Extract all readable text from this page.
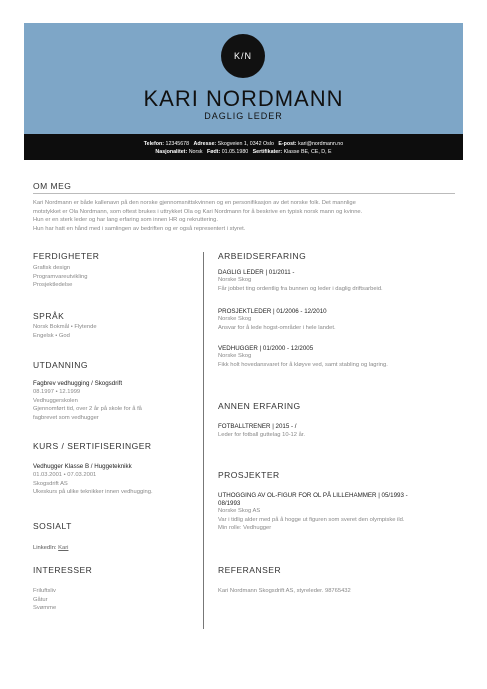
K/N
KARI NORDMANN
DAGLIG LEDER
Telefon: 12345678 Adresse: Skogveien 1, 0342 Oslo E-post: kari@nordmann.no
Nasjonalitet: Norsk Født: 01.05.1980 Sertifikater: Klasse BE, CE, D, E
OM MEG
Kari Nordmann er både kallenavn på den norske gjennomsnittskvinnen og en personifikasjon av det norske folk. Det mannlige
motstykket er Ola Nordmann, som oftest brukes i uttrykket Ola og Kari Nordmann for å beskrive en typisk norsk mann og kvinne.
Hun er en sterk leder og har lang erfaring som innen HR og rekruttering.
Hun har hatt en hånd med i samlingen av bedriften og er også representert i styret.
FERDIGHETER
Grafisk design
Programvareutvikling
Prosjektledelse
SPRÅK
Norsk Bokmål • Flytende
Engelsk • God
UTDANNING
Fagbrev vedhugging / Skogsdrift
08.1997 • 12.1999
Vedhuggerskolen
Gjennomført tid, over 2 år på skole for å få
fagbrevet som vedhugger
KURS / SERTIFISERINGER
Vedhugger Klasse B / Huggeteknikk
01.03.2001 • 07.03.2001
Skogsdrift AS
Ukeskurs på ulike teknikker innen vedhugging.
SOSIALT
LinkedIn: Kari
INTERESSER
Friluftsliv
Gåtur
Svømme
ARBEIDSERFARING
DAGLIG LEDER | 01/2011 -
Norske Skog
Får jobbet ting ordentlig fra bunnen og leder i daglig driftsarbeid.
PROSJEKTLEDER | 01/2006 - 12/2010
Norske Skog
Ansvar for å lede hogst-områder i hele landet.
VEDHUGGER | 01/2000 - 12/2005
Norske Skog
Fikk holt hovedansvaret for å kløyve ved, samt stabling og lagring.
ANNEN ERFARING
FOTBALLTRENER | 2015 - /
Leder for fotball guttelag 10-12 år.
PROSJEKTER
UTHOGGING AV OL-FIGUR FOR OL PÅ LILLEHAMMER | 05/1993 -
08/1993
Norske Skog AS
Var i tidlig alder med på å hogge ut figuren som sveret den olympiske ild.
Min rolle: Vedhugger
REFERANSER
Kari Nordmann Skogsdrift AS, styreleder. 98765432
